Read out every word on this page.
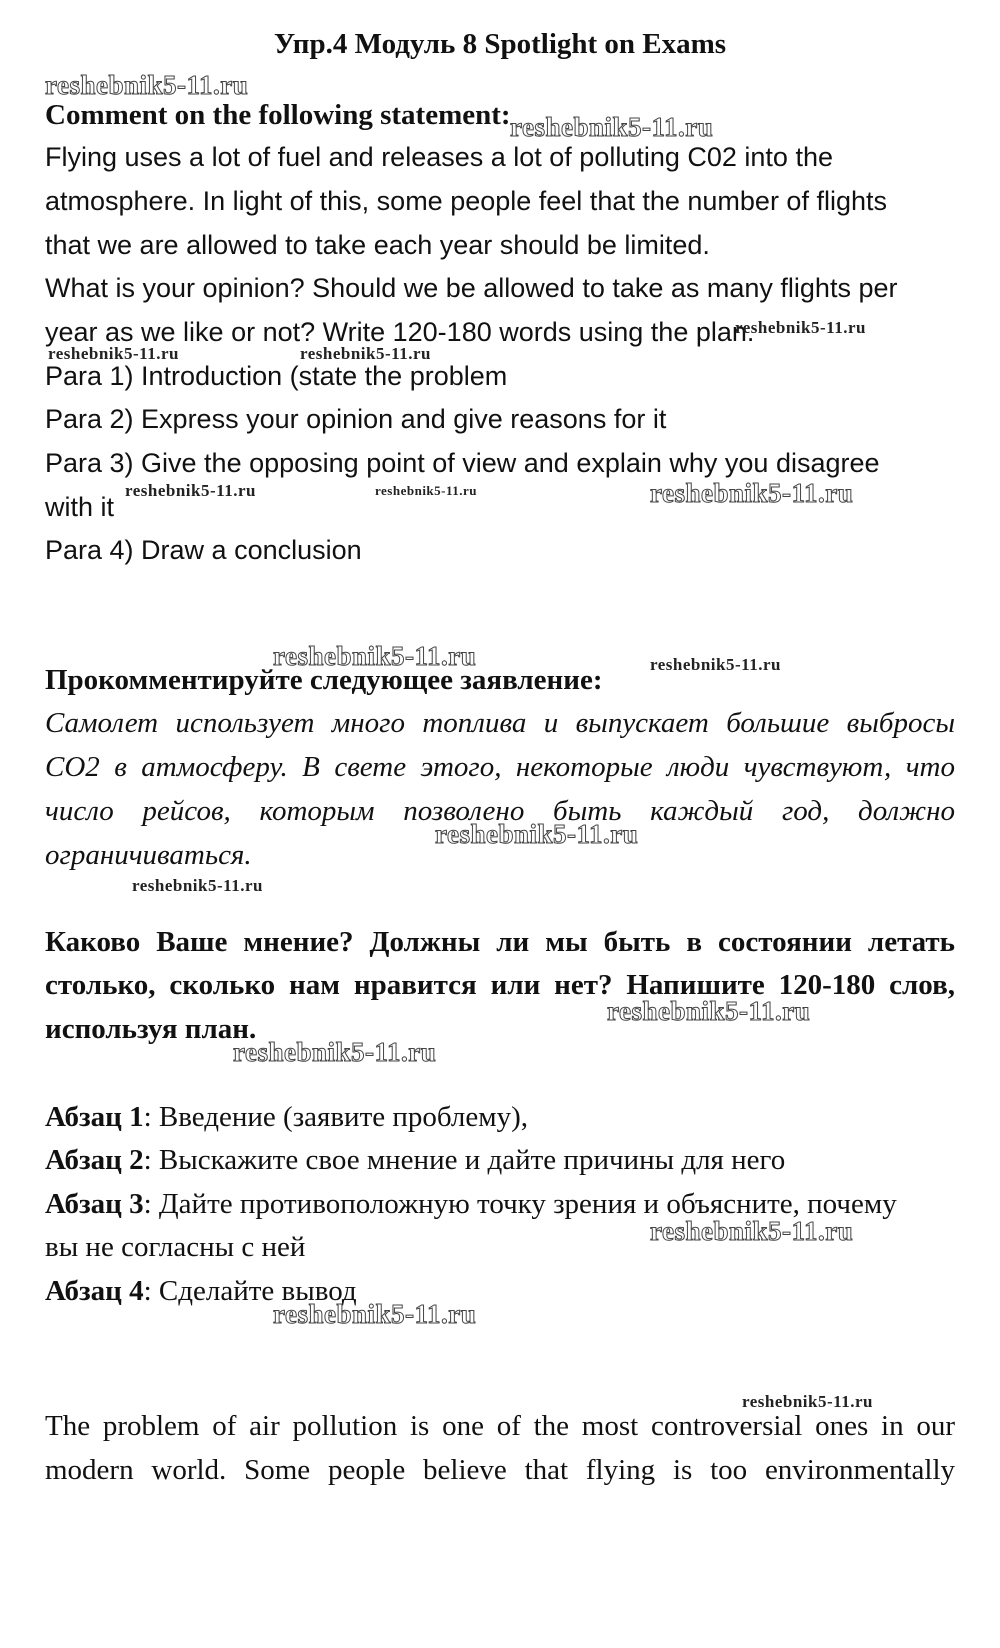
Упр.4 Модуль 8 Spotlight on Exams
Comment on the following statement:
Flying uses a lot of fuel and releases a lot of polluting C02 into the
atmosphere. In light of this, some people feel that the number of flights
that we are allowed to take each year should be limited.
What is your opinion? Should we be allowed to take as many flights per
year as we like or not? Write 120-180 words using the plan.
Para 1) Introduction (state the problem
Para 2) Express your opinion and give reasons for it
Para 3) Give the opposing point of view and explain why you disagree
with it
Para 4) Draw a conclusion
Прокомментируйте следующее заявление:
Самолет использует много топлива и выпускает большие выбросы
СО2 в атмосферу. В свете этого, некоторые люди чувствуют, что
число рейсов, которым позволено быть каждый год, должно
ограничиваться.
Каково Ваше мнение? Должны ли мы быть в состоянии летать
столько, сколько нам нравится или нет? Напишите 120-180 слов,
используя план.
Абзац 1: Введение (заявите проблему),
Абзац 2: Выскажите свое мнение и дайте причины для него
Абзац 3: Дайте противоположную точку зрения и объясните, почему
вы не согласны с ней
Абзац 4: Сделайте вывод
The problem of air pollution is one of the most controversial ones in our
modern world. Some people believe that flying is too environmentally
reshebnik5-11.ru
reshebnik5-11.ru
reshebnik5-11.ru
reshebnik5-11.ru	reshebnik5-11.ru
reshebnik5-11.ru	reshebnik5-11.ru	reshebnik5-11.ru
reshebnik5-11.ru	reshebnik5-11.ru
reshebnik5-11.ru
reshebnik5-11.ru
reshebnik5-11.ru
reshebnik5-11.ru
reshebnik5-11.ru
reshebnik5-11.ru
reshebnik5-11.ru
